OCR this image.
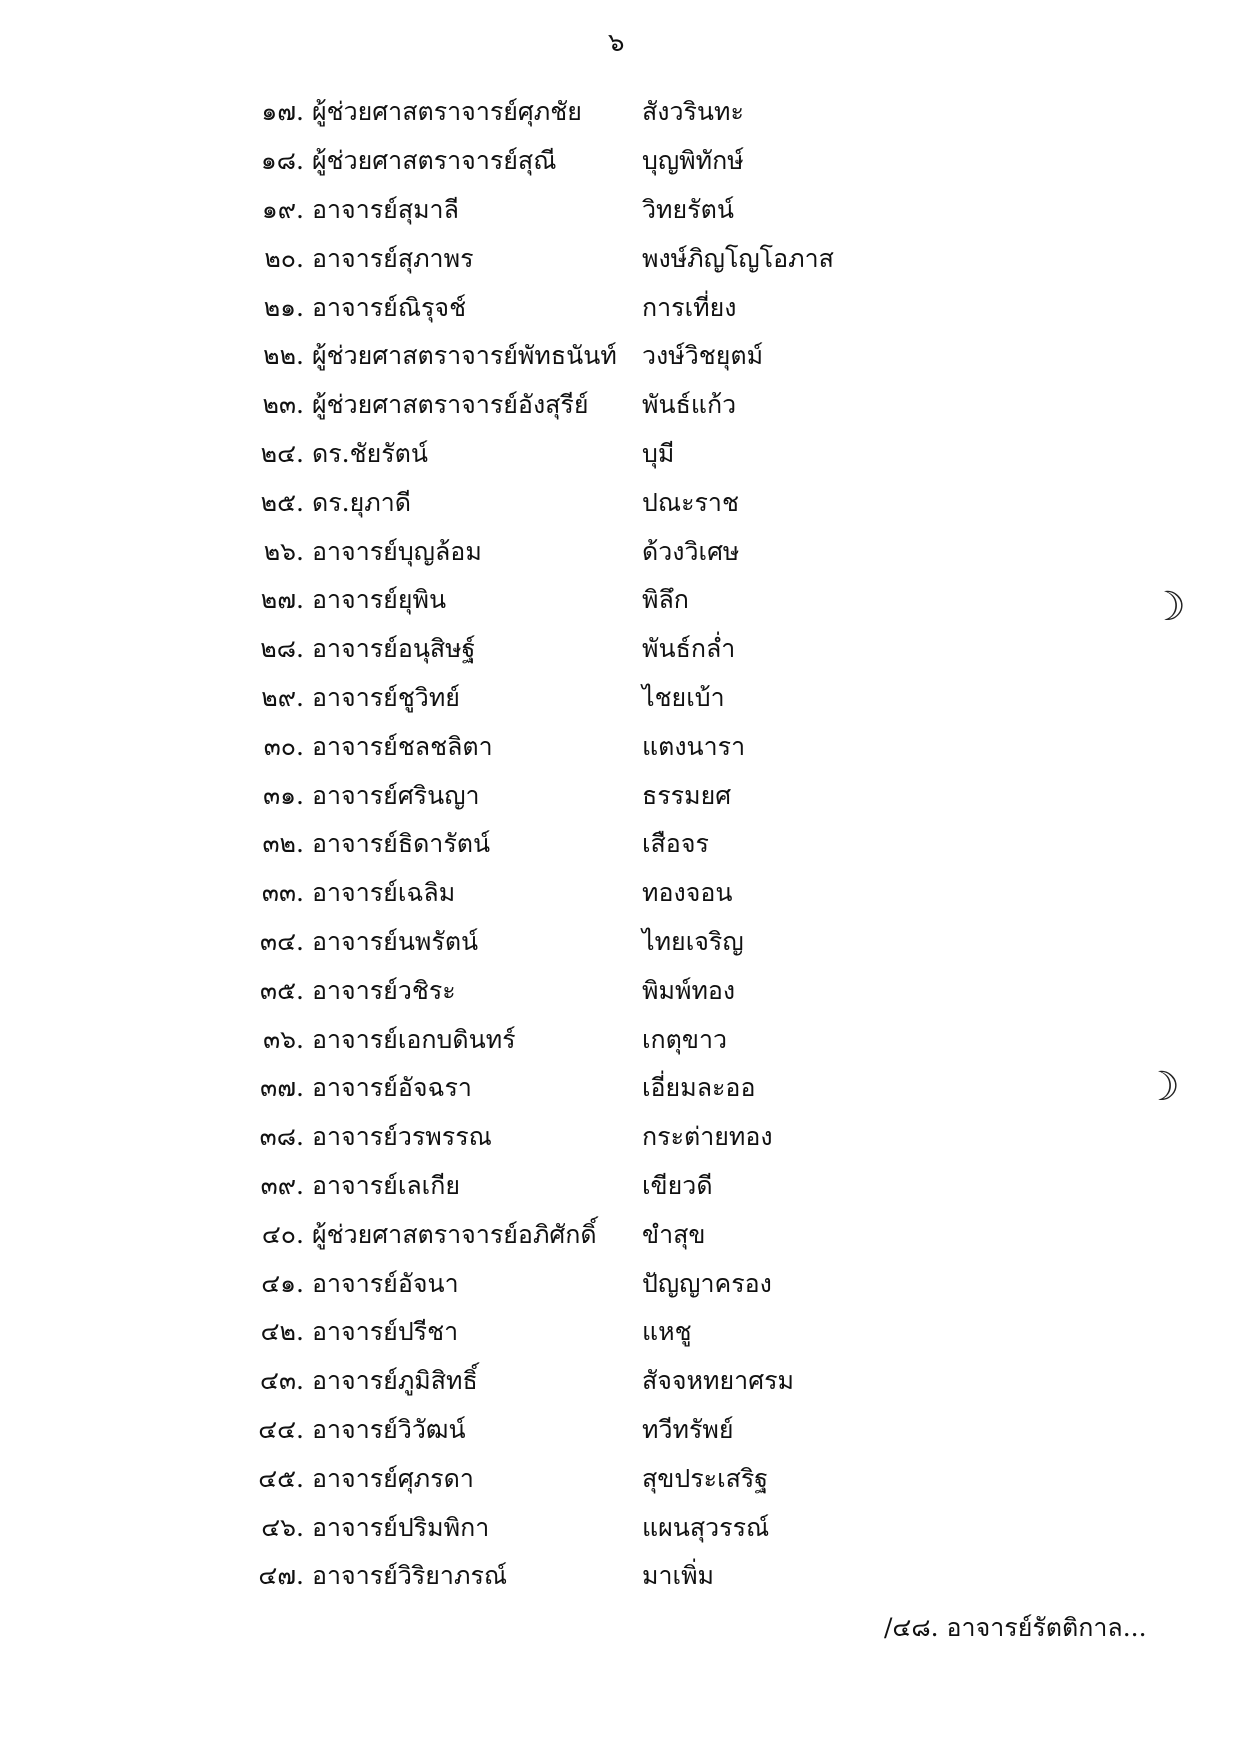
๖
๑๗. ผู้ช่วยศาสตราจารย์ศุภชัย	สังวรินทะ
๑๘. ผู้ช่วยศาสตราจารย์สุณี	บุญพิทักษ์
๑๙. อาจารย์สุมาลี	วิทยรัตน์
๒๐. อาจารย์สุภาพร	พงษ์ภิญโญโอภาส
๒๑. อาจารย์ณิรุจช์	การเที่ยง
๒๒. ผู้ช่วยศาสตราจารย์พัทธนันท์	วงษ์วิชยุตม์
๒๓. ผู้ช่วยศาสตราจารย์อังสุรีย์	พันธ์แก้ว
๒๔. ดร.ชัยรัตน์	บุมี
๒๕. ดร.ยุภาดี	ปณะราช
๒๖. อาจารย์บุญล้อม	ด้วงวิเศษ
๒๗. อาจารย์ยุพิน	พิลึก
๒๘. อาจารย์อนุสิษฐ์	พันธ์กล่ำ
๒๙. อาจารย์ชูวิทย์	ไชยเบ้า
๓๐. อาจารย์ชลชลิตา	แตงนารา
๓๑. อาจารย์ศรินญา	ธรรมยศ
๓๒. อาจารย์ธิดารัตน์	เสือจร
๓๓. อาจารย์เฉลิม	ทองจอน
๓๔. อาจารย์นพรัตน์	ไทยเจริญ
๓๕. อาจารย์วชิระ	พิมพ์ทอง
๓๖. อาจารย์เอกบดินทร์	เกตุขาว
๓๗. อาจารย์อัจฉรา	เอี่ยมละออ
๓๘. อาจารย์วรพรรณ	กระต่ายทอง
๓๙. อาจารย์เลเกีย	เขียวดี
๔๐. ผู้ช่วยศาสตราจารย์อภิศักดิ์	ขำสุข
๔๑. อาจารย์อัจนา	ปัญญาครอง
๔๒. อาจารย์ปรีชา	แหชู
๔๓. อาจารย์ภูมิสิทธิ์	สัจจหทยาศรม
๔๔. อาจารย์วิวัฒน์	ทวีทรัพย์
๔๕. อาจารย์ศุภรดา	สุขประเสริฐ
๔๖. อาจารย์ปริมพิกา	แผนสุวรรณ์
๔๗. อาจารย์วิริยาภรณ์	มาเพิ่ม
/๔๘. อาจารย์รัตติกาล...
☽
☽
